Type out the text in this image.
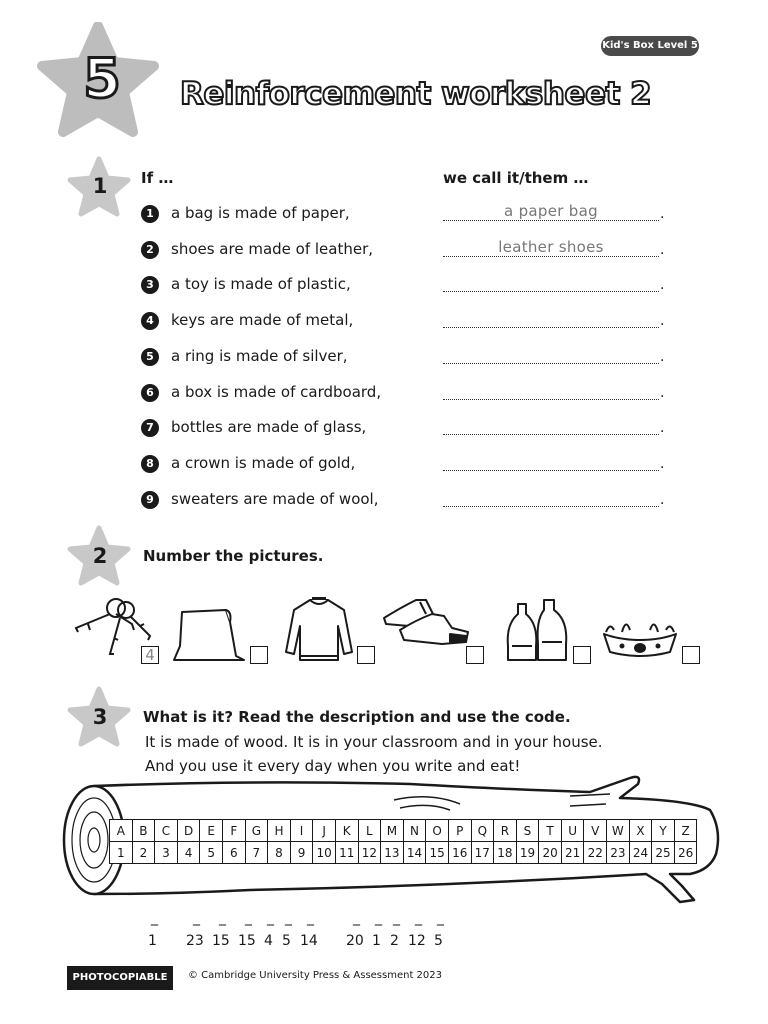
Kid's Box Level 5
5 Reinforcement worksheet 2
1	If …	we call it/them …
1	a bag is made of paper,	a paper bag	.
2	shoes are made of leather,	leather shoes	.
3	a toy is made of plastic,	.
4	keys are made of metal,	.
5	a ring is made of silver,	.
6	a box is made of cardboard,	.
7	bottles are made of glass,	.
8	a crown is made of gold,	.
9	sweaters are made of wool,	.
2	Number the pictures.
4
3	What is it? Read the description and use the code.
It is made of wood. It is in your classroom and in your house.
And you use it every day when you write and eat!
A	B	C	D	E	F	G	H	I	J	K	L	M	N	O	P	Q	R	S	T	U	V	W	X	Y	Z
1	2	3	4	5	6	7	8	9	10	11	12	13	14	15	16	17	18	19	20	21	22	23	24	25	26
_
1
_
23
_
15
_
15
_
4
_
5
_
14
_
20
_
1
_
2
_
12
_
5
PHOTOCOPIABLE	© Cambridge University Press & Assessment 2023
